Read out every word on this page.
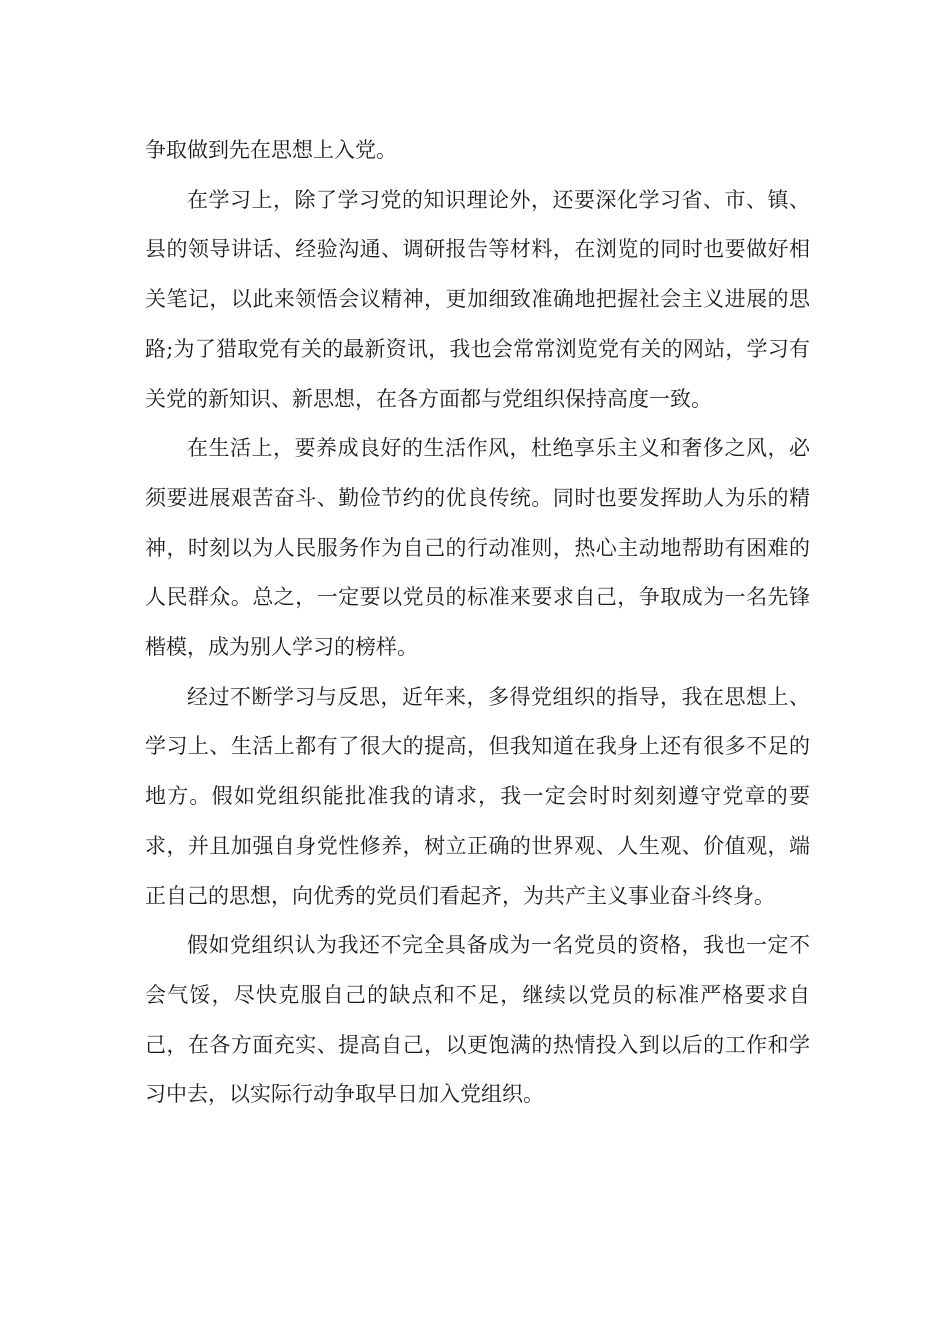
争取做到先在思想上入党。

在学习上，除了学习党的知识理论外，还要深化学习省、市、镇、县的领导讲话、经验沟通、调研报告等材料，在浏览的同时也要做好相关笔记，以此来领悟会议精神，更加细致准确地把握社会主义进展的思路;为了猎取党有关的最新资讯，我也会常常浏览党有关的网站，学习有关党的新知识、新思想，在各方面都与党组织保持高度一致。

在生活上，要养成良好的生活作风，杜绝享乐主义和奢侈之风，必须要进展艰苦奋斗、勤俭节约的优良传统。同时也要发挥助人为乐的精神，时刻以为人民服务作为自己的行动准则，热心主动地帮助有困难的人民群众。总之，一定要以党员的标准来要求自己，争取成为一名先锋楷模，成为别人学习的榜样。

经过不断学习与反思，近年来，多得党组织的指导，我在思想上、学习上、生活上都有了很大的提高，但我知道在我身上还有很多不足的地方。假如党组织能批准我的请求，我一定会时时刻刻遵守党章的要求，并且加强自身党性修养，树立正确的世界观、人生观、价值观，端正自己的思想，向优秀的党员们看起齐，为共产主义事业奋斗终身。

假如党组织认为我还不完全具备成为一名党员的资格，我也一定不会气馁，尽快克服自己的缺点和不足，继续以党员的标准严格要求自己，在各方面充实、提高自己，以更饱满的热情投入到以后的工作和学习中去，以实际行动争取早日加入党组织。
